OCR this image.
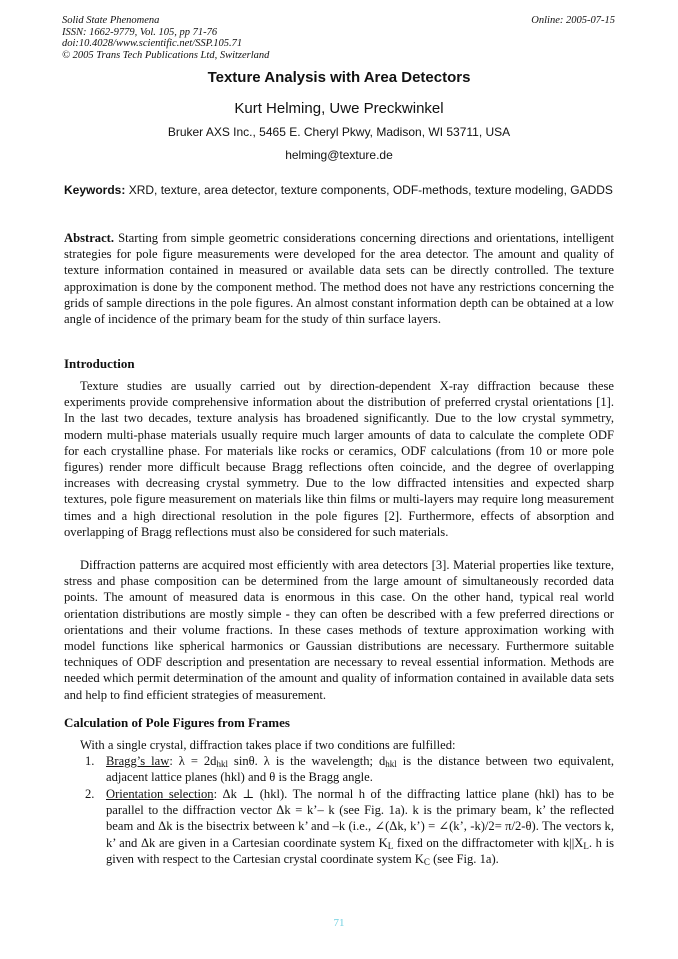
Solid State Phenomena
ISSN: 1662-9779, Vol. 105, pp 71-76
doi:10.4028/www.scientific.net/SSP.105.71
© 2005 Trans Tech Publications Ltd, Switzerland
Online: 2005-07-15
Texture Analysis with Area Detectors
Kurt Helming, Uwe Preckwinkel
Bruker AXS Inc., 5465 E. Cheryl Pkwy, Madison, WI 53711, USA
helming@texture.de
Keywords: XRD, texture, area detector, texture components, ODF-methods, texture modeling, GADDS
Abstract. Starting from simple geometric considerations concerning directions and orientations, intelligent strategies for pole figure measurements were developed for the area detector. The amount and quality of texture information contained in measured or available data sets can be directly controlled. The texture approximation is done by the component method. The method does not have any restrictions concerning the grids of sample directions in the pole figures. An almost constant information depth can be obtained at a low angle of incidence of the primary beam for the study of thin surface layers.
Introduction
Texture studies are usually carried out by direction-dependent X-ray diffraction because these experiments provide comprehensive information about the distribution of preferred crystal orientations [1]. In the last two decades, texture analysis has broadened significantly. Due to the low crystal symmetry, modern multi-phase materials usually require much larger amounts of data to calculate the complete ODF for each crystalline phase. For materials like rocks or ceramics, ODF calculations (from 10 or more pole figures) render more difficult because Bragg reflections often coincide, and the degree of overlapping increases with decreasing crystal symmetry. Due to the low diffracted intensities and expected sharp textures, pole figure measurement on materials like thin films or multi-layers may require long measurement times and a high directional resolution in the pole figures [2]. Furthermore, effects of absorption and overlapping of Bragg reflections must also be considered for such materials.
Diffraction patterns are acquired most efficiently with area detectors [3]. Material properties like texture, stress and phase composition can be determined from the large amount of simultaneously recorded data points. The amount of measured data is enormous in this case. On the other hand, typical real world orientation distributions are mostly simple - they can often be described with a few preferred directions or orientations and their volume fractions. In these cases methods of texture approximation working with model functions like spherical harmonics or Gaussian distributions are necessary. Furthermore suitable techniques of ODF description and presentation are necessary to reveal essential information. Methods are needed which permit determination of the amount and quality of information contained in available data sets and help to find efficient strategies of measurement.
Calculation of Pole Figures from Frames
With a single crystal, diffraction takes place if two conditions are fulfilled:
1. Bragg’s law: $\lambda = 2d_{hkl}$ sinθ. λ is the wavelength; $d_{hkl}$ is the distance between two equivalent, adjacent lattice planes (hkl) and θ is the Bragg angle.
2. Orientation selection: Δk ⊥ (hkl). The normal h of the diffracting lattice plane (hkl) has to be parallel to the diffraction vector Δk = k’– k (see Fig. 1a). k is the primary beam, k’ the reflected beam and Δk is the bisectrix between k’ and –k (i.e., ∠(Δk, k’) = ∠(k’, -k)/2= π/2-θ). The vectors k, k’ and Δk are given in a Cartesian coordinate system $K_L$ fixed on the diffractometer with $k||X_L$. h is given with respect to the Cartesian crystal coordinate system $K_C$ (see Fig. 1a).
71
